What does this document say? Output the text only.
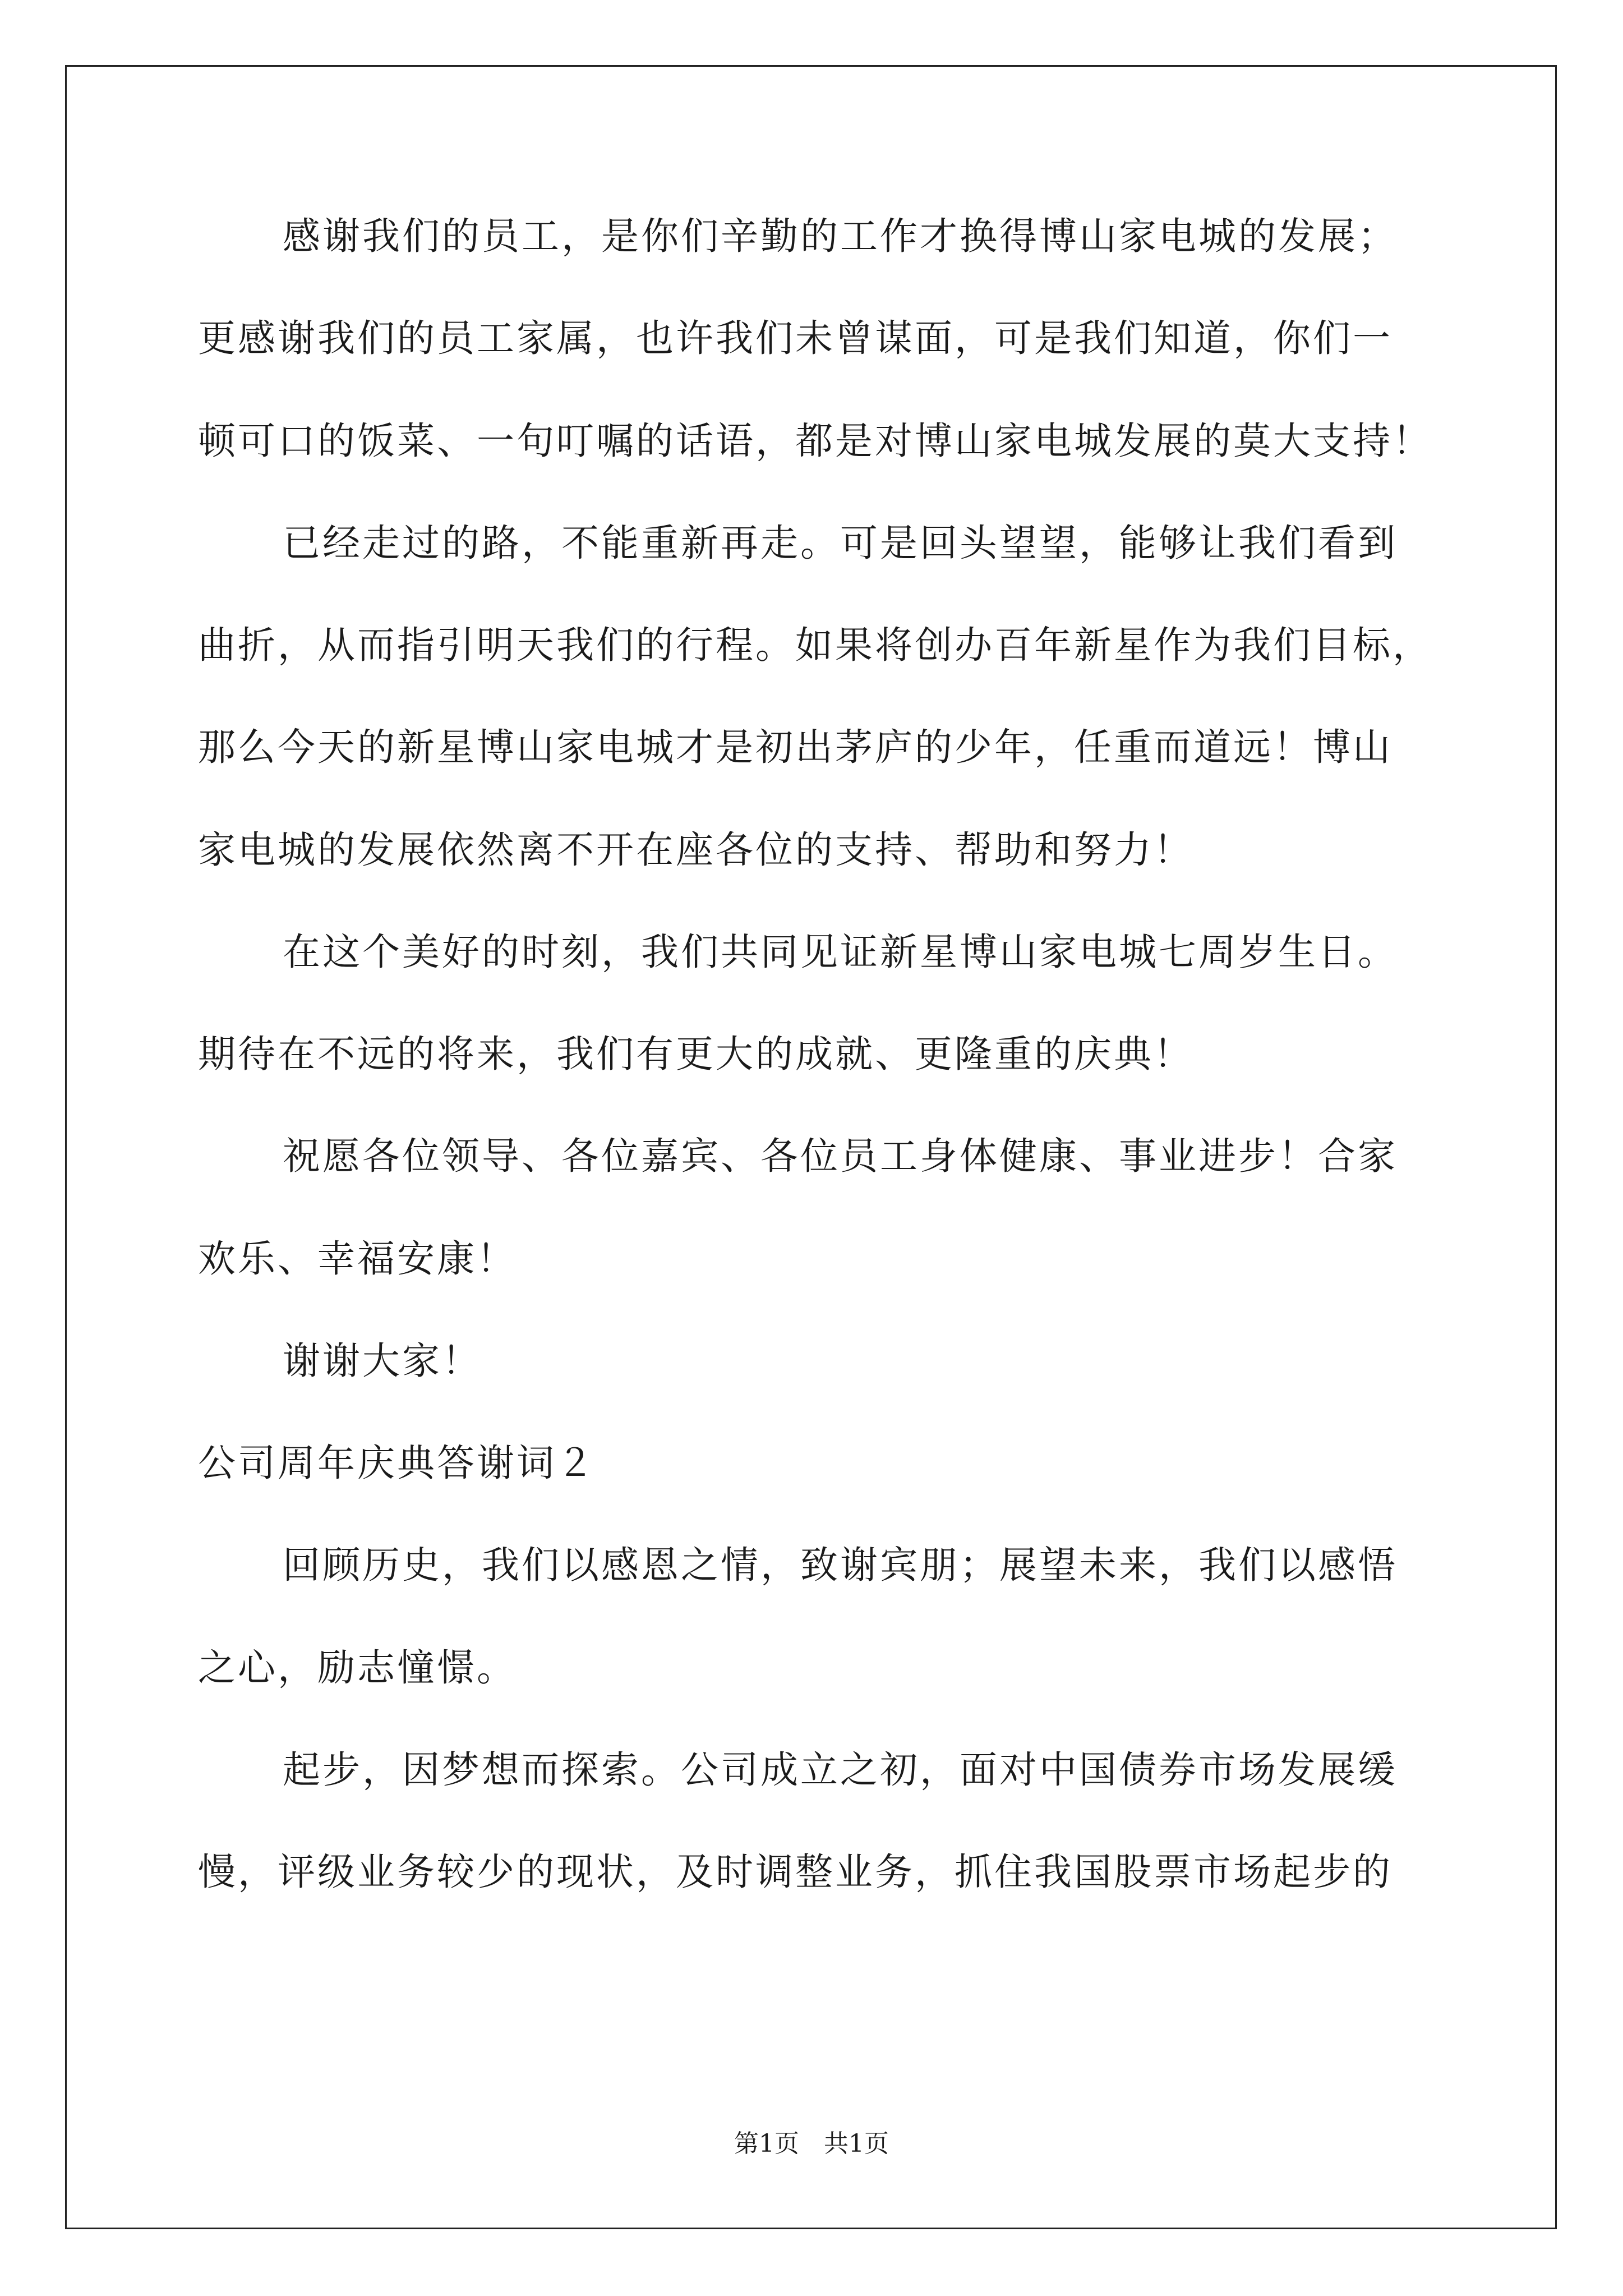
感谢我们的员工，是你们辛勤的工作才换得博山家电城的发展；

更感谢我们的员工家属，也许我们未曾谋面，可是我们知道，你们一

顿可口的饭菜、一句叮嘱的话语，都是对博山家电城发展的莫大支持！

已经走过的路，不能重新再走。可是回头望望，能够让我们看到

曲折，从而指引明天我们的行程。如果将创办百年新星作为我们目标，

那么今天的新星博山家电城才是初出茅庐的少年，任重而道远！博山

家电城的发展依然离不开在座各位的支持、帮助和努力！

在这个美好的时刻，我们共同见证新星博山家电城七周岁生日。

期待在不远的将来，我们有更大的成就、更隆重的庆典！

祝愿各位领导、各位嘉宾、各位员工身体健康、事业进步！合家

欢乐、幸福安康！

谢谢大家！

公司周年庆典答谢词２

回顾历史，我们以感恩之情，致谢宾朋；展望未来，我们以感悟

之心，励志憧憬。

起步，因梦想而探索。公司成立之初，面对中国债券市场发展缓

慢，评级业务较少的现状，及时调整业务，抓住我国股票市场起步的

第1页　共1页
